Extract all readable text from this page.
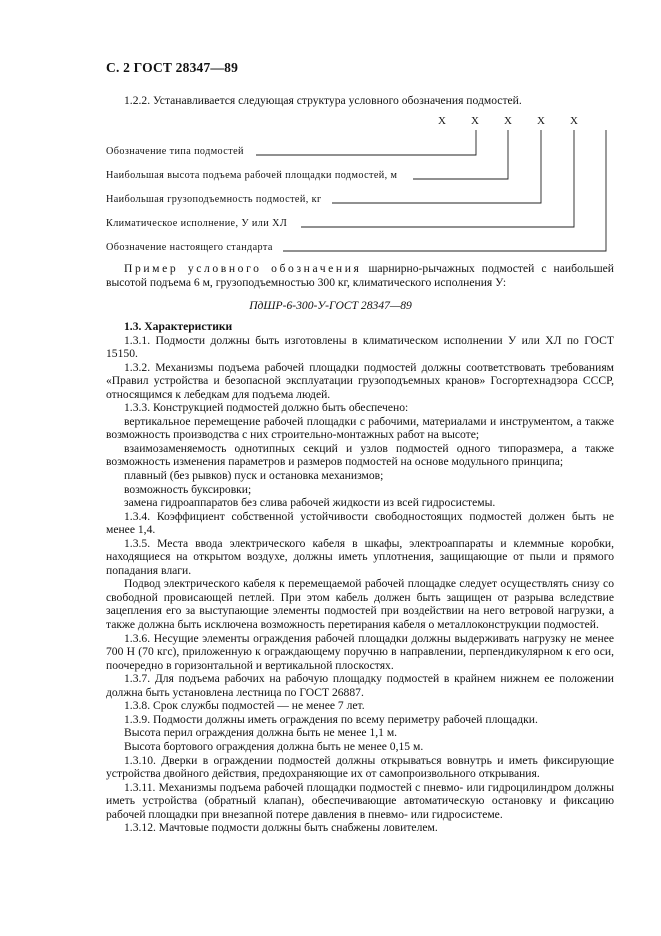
С. 2 ГОСТ 28347—89
1.2.2. Устанавливается следующая структура условного обозначения подмостей.
X X X X X
Обозначение типа подмостей
Наибольшая высота подъема рабочей площадки подмостей, м
Наибольшая грузоподъемность подмостей, кг
Климатическое исполнение, У или ХЛ
Обозначение настоящего стандарта
Пример условного обозначения шарнирно-рычажных подмостей с наибольшей высотой подъема 6 м, грузоподъемностью 300 кг, климатического исполнения У:
ПдШР-6-300-У-ГОСТ 28347—89

1.3. Характеристики

1.3.1. Подмости должны быть изготовлены в климатическом исполнении У или ХЛ по ГОСТ 15150.

1.3.2. Механизмы подъема рабочей площадки подмостей должны соответствовать требованиям «Правил устройства и безопасной эксплуатации грузоподъемных кранов» Госгортехнадзора СССР, относящимся к лебедкам для подъема людей.

1.3.3. Конструкцией подмостей должно быть обеспечено:

вертикальное перемещение рабочей площадки с рабочими, материалами и инструментом, а также возможность производства с них строительно-монтажных работ на высоте;

взаимозаменяемость однотипных секций и узлов подмостей одного типоразмера, а также возможность изменения параметров и размеров подмостей на основе модульного принципа;

плавный (без рывков) пуск и остановка механизмов;

возможность буксировки;

замена гидроаппаратов без слива рабочей жидкости из всей гидросистемы.

1.3.4. Коэффициент собственной устойчивости свободностоящих подмостей должен быть не менее 1,4.

1.3.5. Места ввода электрического кабеля в шкафы, электроаппараты и клеммные коробки, находящиеся на открытом воздухе, должны иметь уплотнения, защищающие от пыли и прямого попадания влаги.

Подвод электрического кабеля к перемещаемой рабочей площадке следует осуществлять снизу со свободной провисающей петлей. При этом кабель должен быть защищен от разрыва вследствие зацепления его за выступающие элементы подмостей при воздействии на него ветровой нагрузки, а также должна быть исключена возможность перетирания кабеля о металлоконструкции подмостей.

1.3.6. Несущие элементы ограждения рабочей площадки должны выдерживать нагрузку не менее 700 Н (70 кгс), приложенную к ограждающему поручню в направлении, перпендикулярном к его оси, поочередно в горизонтальной и вертикальной плоскостях.

1.3.7. Для подъема рабочих на рабочую площадку подмостей в крайнем нижнем ее положении должна быть установлена лестница по ГОСТ 26887.

1.3.8. Срок службы подмостей — не менее 7 лет.

1.3.9. Подмости должны иметь ограждения по всему периметру рабочей площадки.

Высота перил ограждения должна быть не менее 1,1 м.

Высота бортового ограждения должна быть не менее 0,15 м.

1.3.10. Дверки в ограждении подмостей должны открываться вовнутрь и иметь фиксирующие устройства двойного действия, предохраняющие их от самопроизвольного открывания.

1.3.11. Механизмы подъема рабочей площадки подмостей с пневмо- или гидроцилиндром должны иметь устройства (обратный клапан), обеспечивающие автоматическую остановку и фиксацию рабочей площадки при внезапной потере давления в пневмо- или гидросистеме.

1.3.12. Мачтовые подмости должны быть снабжены ловителем.
